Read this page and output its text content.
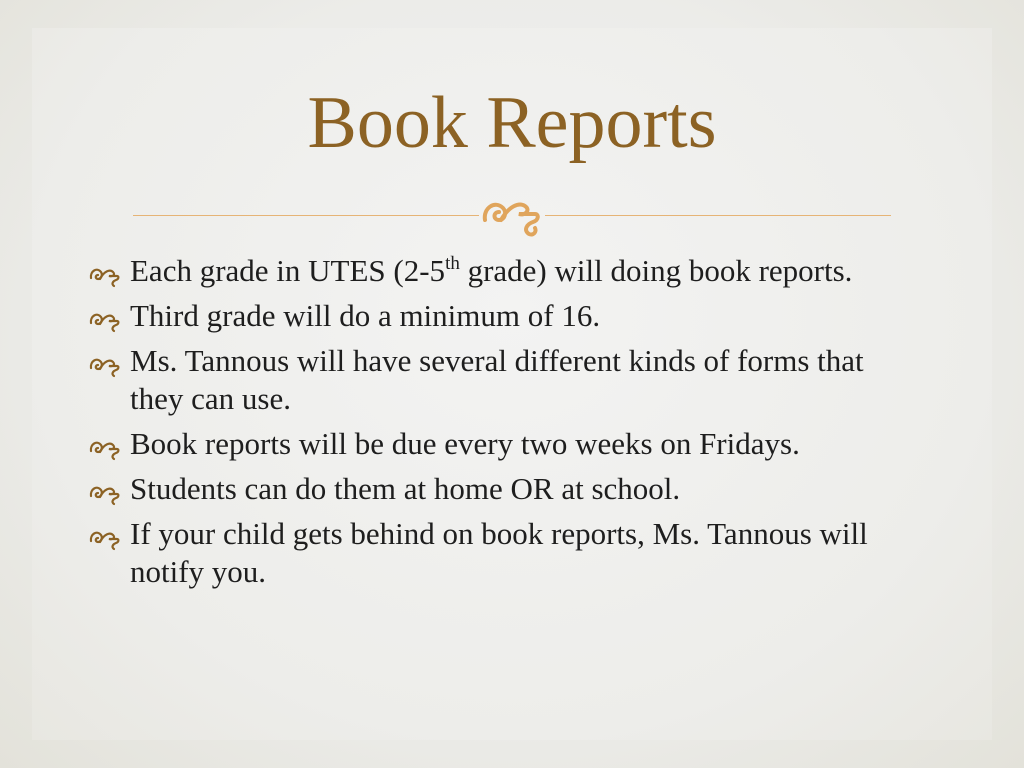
Book Reports
Each grade in UTES (2-5th grade) will doing book reports.
Third grade will do a minimum of 16.
Ms. Tannous will have several different kinds of forms that they can use.
Book reports will be due every two weeks on Fridays.
Students can do them at home OR at school.
If your child gets behind on book reports, Ms. Tannous will notify you.
